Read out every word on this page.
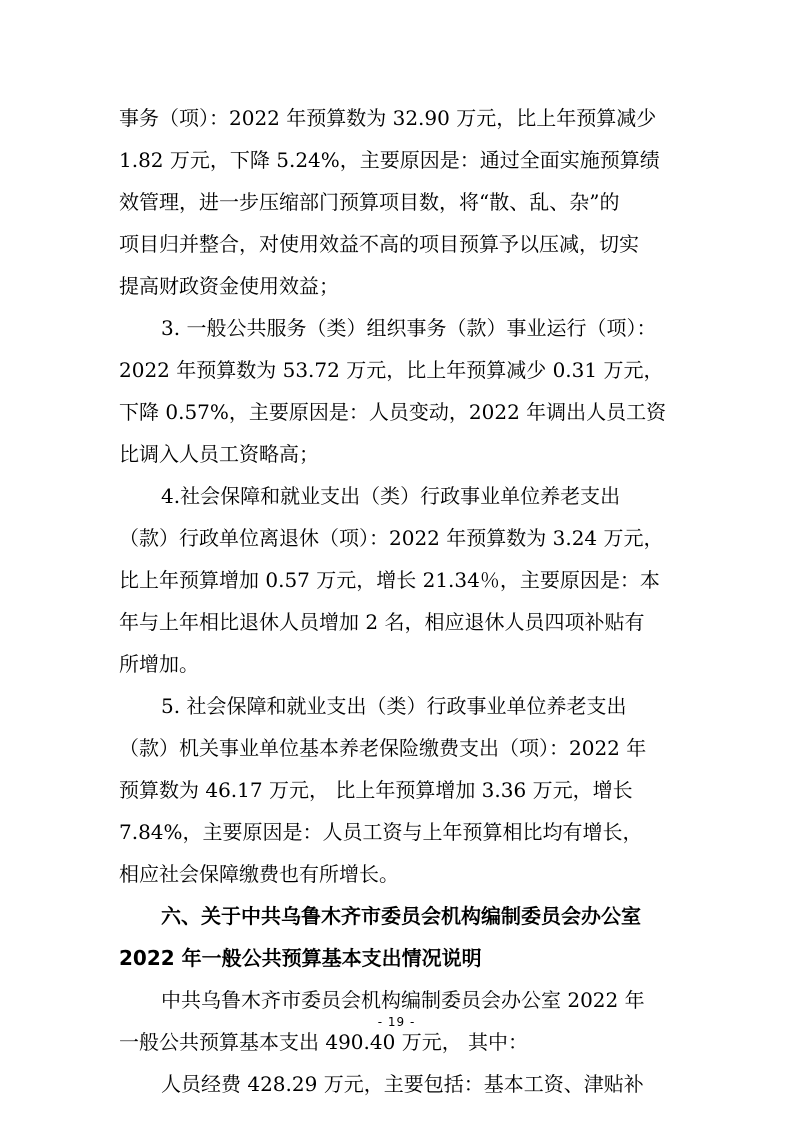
事务（项）：2022 年预算数为 32.90 万元，比上年预算减少
1.82 万元，下降 5.24%，主要原因是：通过全面实施预算绩
效管理，进一步压缩部门预算项目数，将“散、乱、杂”的
项目归并整合，对使用效益不高的项目预算予以压减，切实
提高财政资金使用效益；
3. 一般公共服务（类）组织事务（款）事业运行（项）：
2022 年预算数为 53.72 万元，比上年预算减少 0.31 万元，
下降 0.57%，主要原因是：人员变动，2022 年调出人员工资
比调入人员工资略高；
4.社会保障和就业支出（类）行政事业单位养老支出
（款）行政单位离退休（项）：2022 年预算数为 3.24 万元，
比上年预算增加 0.57 万元，增长 21.34％，主要原因是：本
年与上年相比退休人员增加 2 名，相应退休人员四项补贴有
所增加。
5. 社会保障和就业支出（类）行政事业单位养老支出
（款）机关事业单位基本养老保险缴费支出（项）：2022 年
预算数为 46.17 万元， 比上年预算增加 3.36 万元，增长
7.84%，主要原因是：人员工资与上年预算相比均有增长，
相应社会保障缴费也有所增长。
六、关于中共乌鲁木齐市委员会机构编制委员会办公室
2022 年一般公共预算基本支出情况说明
中共乌鲁木齐市委员会机构编制委员会办公室 2022 年
一般公共预算基本支出 490.40 万元， 其中：
人员经费 428.29 万元，主要包括：基本工资、津贴补
- 19 -
